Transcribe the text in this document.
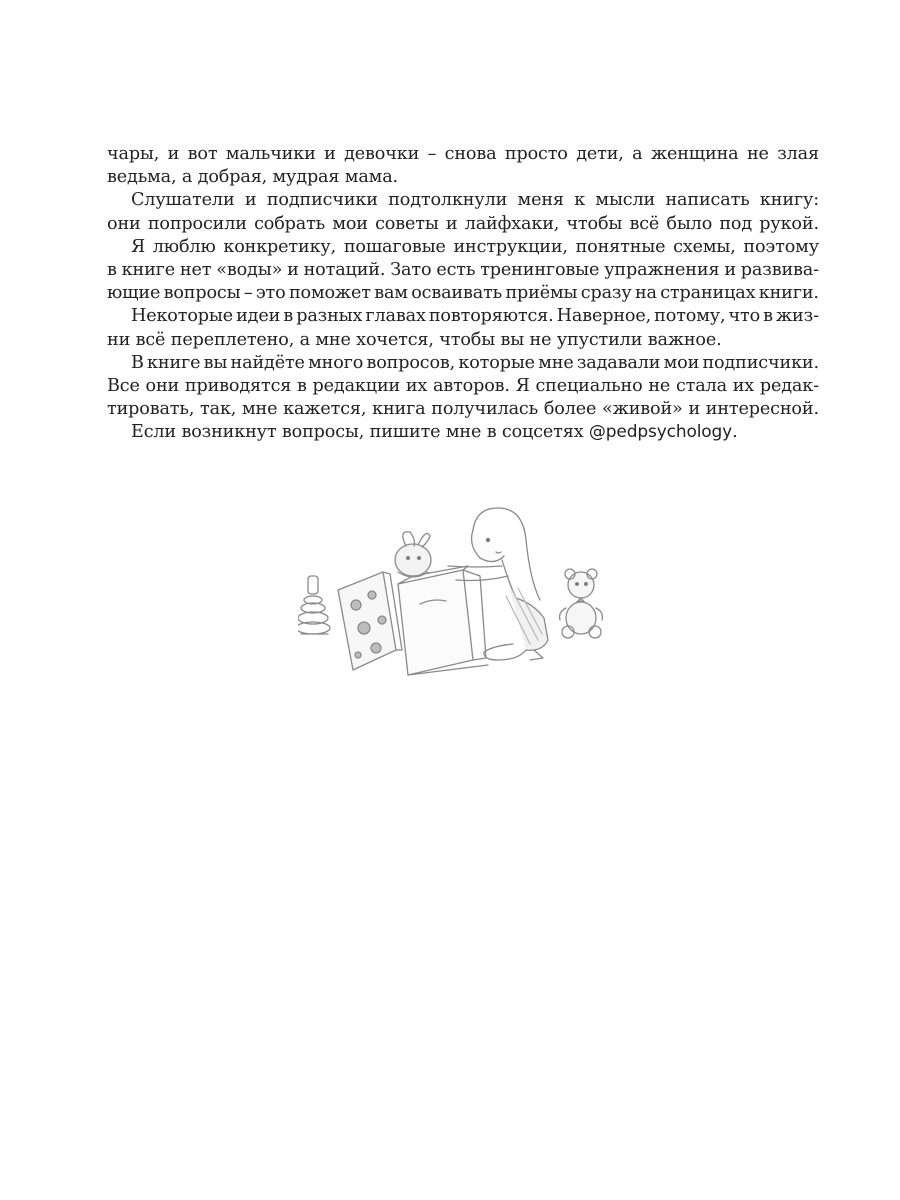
чары, и вот мальчики и девочки – снова просто дети, а женщина не злая
ведьма, а добрая, мудрая мама.
Слушатели и подписчики подтолкнули меня к мысли написать книгу:
они попросили собрать мои советы и лайфхаки, чтобы всё было под рукой.
Я люблю конкретику, пошаговые инструкции, понятные схемы, поэтому
в книге нет «воды» и нотаций. Зато есть тренинговые упражнения и развива-
ющие вопросы – это поможет вам осваивать приёмы сразу на страницах книги.
Некоторые идеи в разных главах повторяются. Наверное, потому, что в жиз-
ни всё переплетено, а мне хочется, чтобы вы не упустили важное.
В книге вы найдёте много вопросов, которые мне задавали мои подписчики.
Все они приводятся в редакции их авторов. Я специально не стала их редак-
тировать, так, мне кажется, книга получилась более «живой» и интересной.
Если возникнут вопросы, пишите мне в соцсетях @pedpsychology .
